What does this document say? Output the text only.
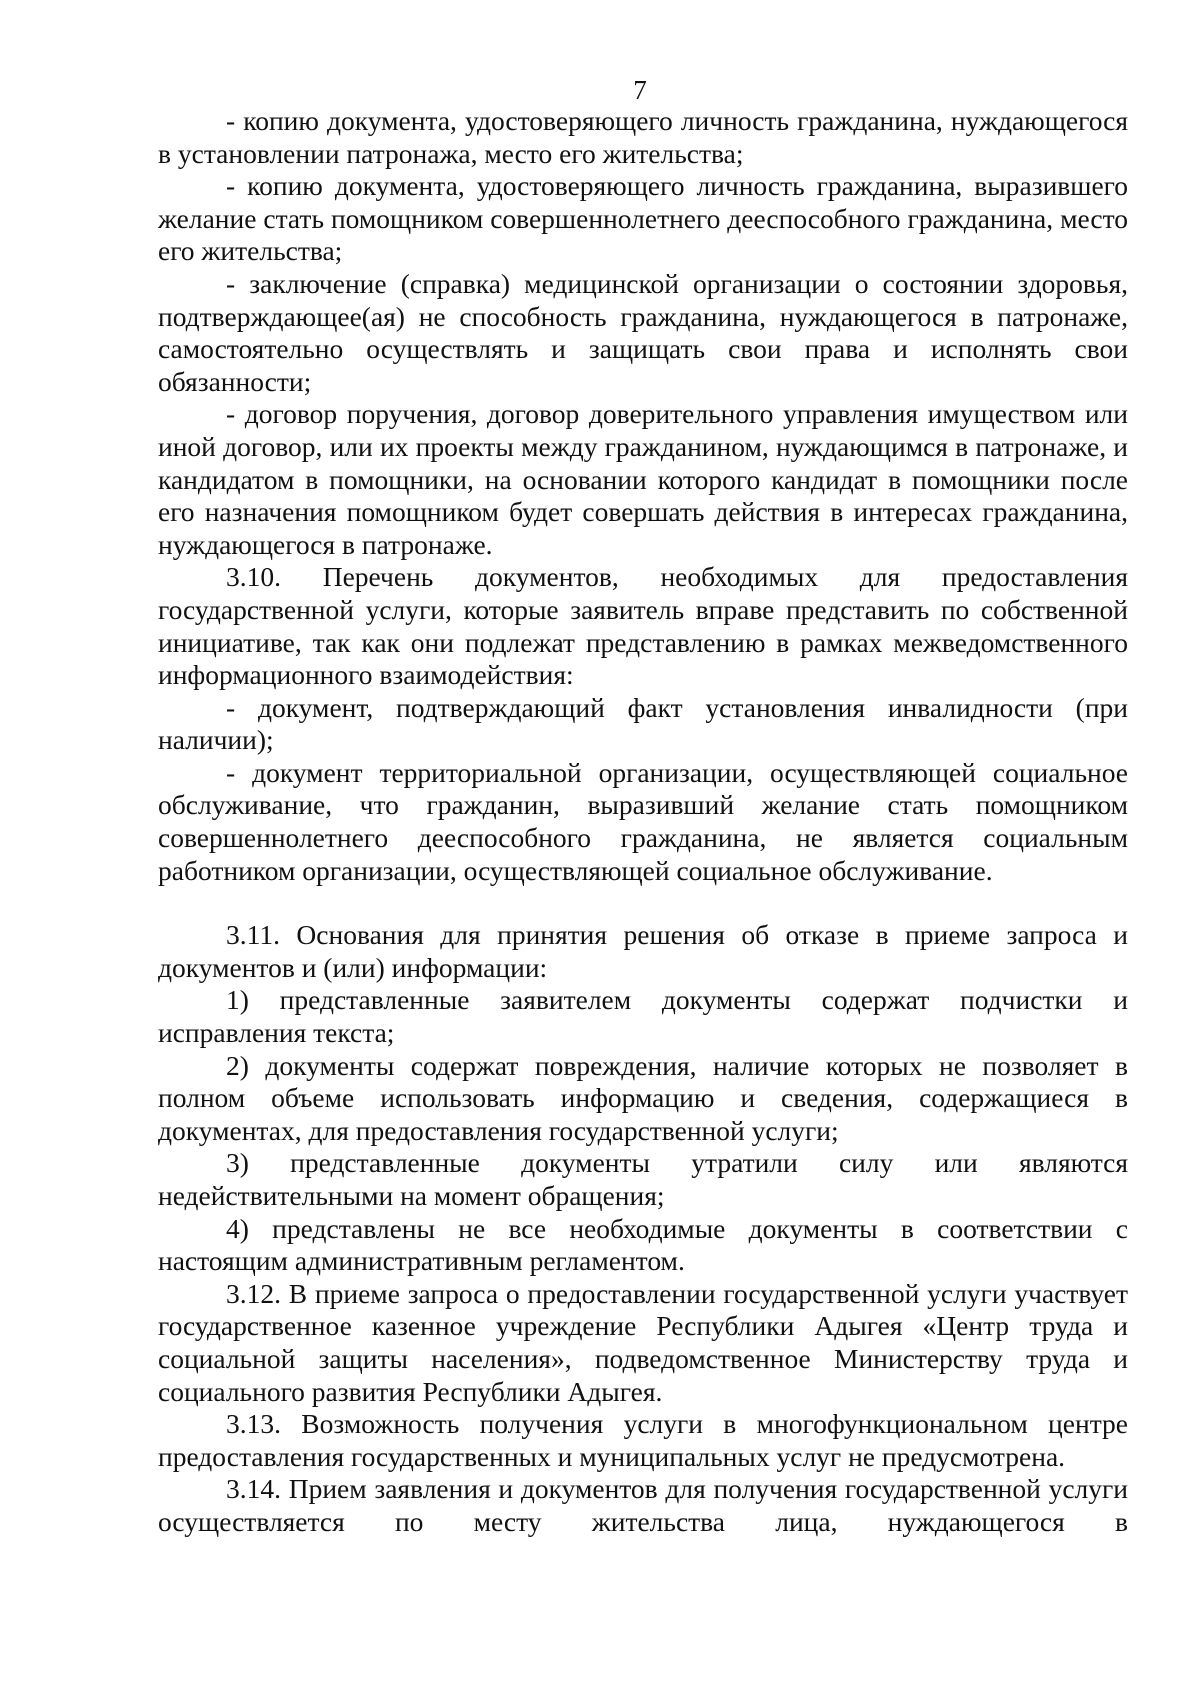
7

- копию документа, удостоверяющего личность гражданина, нуждающегося в установлении патронажа, место его жительства;

- копию документа, удостоверяющего личность гражданина, выразившего желание стать помощником совершеннолетнего дееспособного гражданина, место его жительства;

- заключение (справка) медицинской организации о состоянии здоровья, подтверждающее(ая) не способность гражданина, нуждающегося в патронаже, самостоятельно осуществлять и защищать свои права и исполнять свои обязанности;

- договор поручения, договор доверительного управления имуществом или иной договор, или их проекты между гражданином, нуждающимся в патронаже, и кандидатом в помощники, на основании которого кандидат в помощники после его назначения помощником будет совершать действия в интересах гражданина, нуждающегося в патронаже.

3.10. Перечень документов, необходимых для предоставления государственной услуги, которые заявитель вправе представить по собственной инициативе, так как они подлежат представлению в рамках межведомственного информационного взаимодействия:

- документ, подтверждающий факт установления инвалидности (при наличии);

- документ территориальной организации, осуществляющей социальное обслуживание, что гражданин, выразивший желание стать помощником совершеннолетнего дееспособного гражданина, не является социальным работником организации, осуществляющей социальное обслуживание.

3.11. Основания для принятия решения об отказе в приеме запроса и документов и (или) информации:

1) представленные заявителем документы содержат подчистки и исправления текста;

2) документы содержат повреждения, наличие которых не позволяет в полном объеме использовать информацию и сведения, содержащиеся в документах, для предоставления государственной услуги;

3) представленные документы утратили силу или являются недействительными на момент обращения;

4) представлены не все необходимые документы в соответствии с настоящим административным регламентом.

3.12. В приеме запроса о предоставлении государственной услуги участвует государственное казенное учреждение Республики Адыгея «Центр труда и социальной защиты населения», подведомственное Министерству труда и социального развития Республики Адыгея.

3.13. Возможность получения услуги в многофункциональном центре предоставления государственных и муниципальных услуг не предусмотрена.

3.14. Прием заявления и документов для получения государственной услуги осуществляется по месту жительства лица, нуждающегося в
